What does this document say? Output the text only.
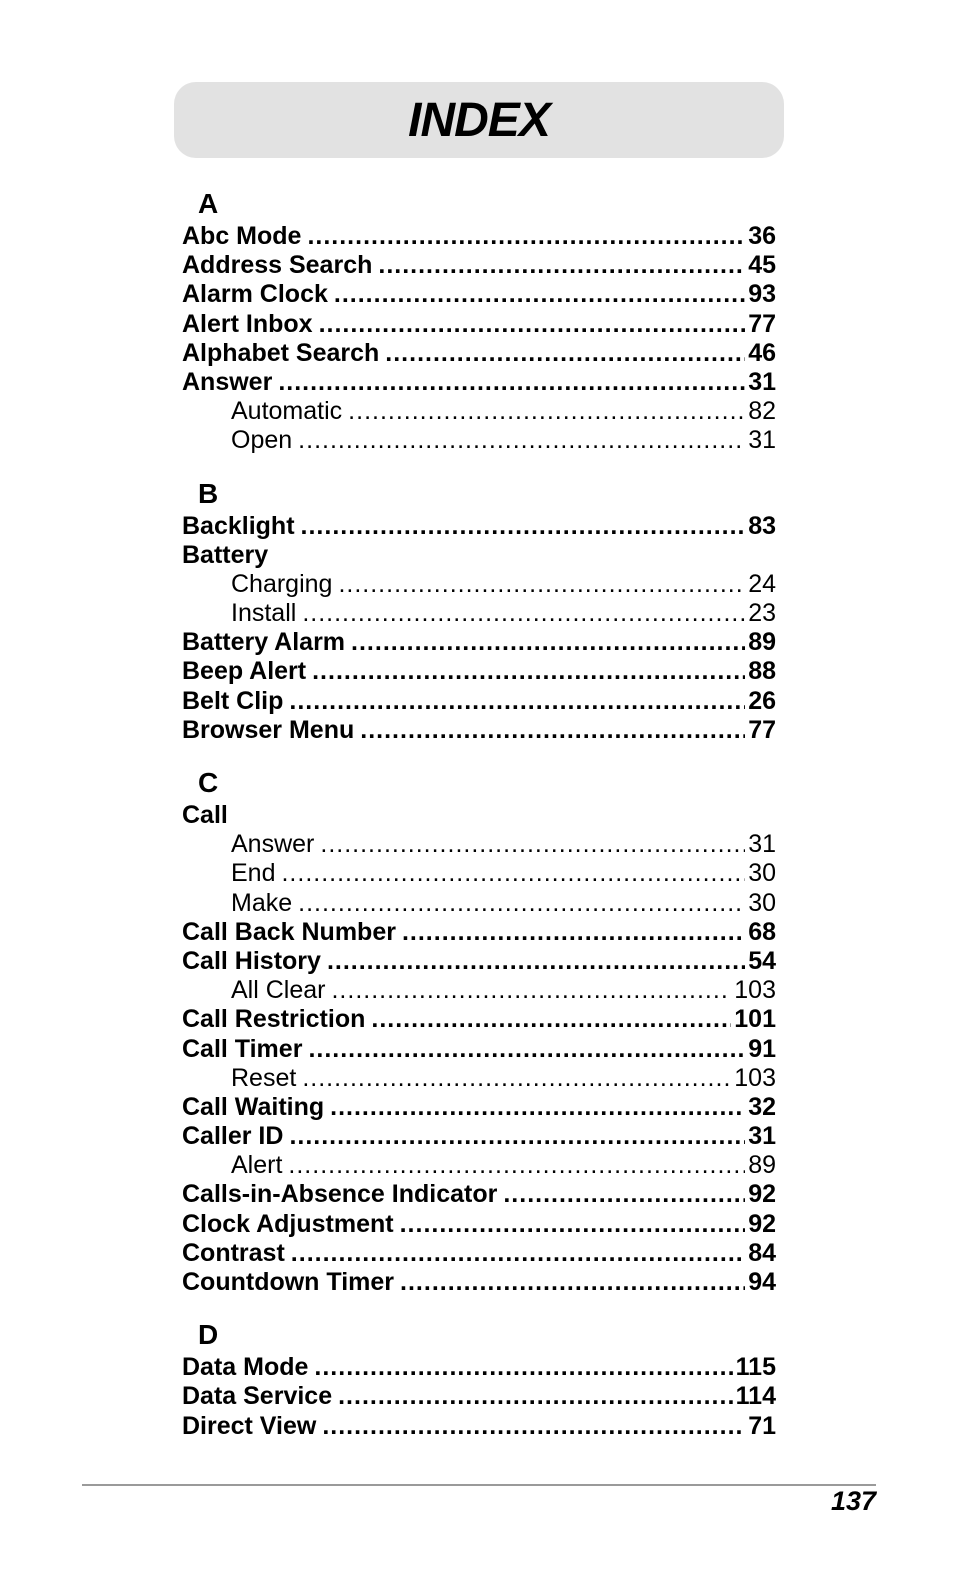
INDEX
A
Abc Mode .....	36
Address Search .....	45
Alarm Clock .....	93
Alert Inbox .....	77
Alphabet Search .....	46
Answer .....	31
Automatic .....	82
Open .....	31
B
Backlight .....	83
Battery
Charging .....	24
Install .....	23
Battery Alarm .....	89
Beep Alert .....	88
Belt Clip .....	26
Browser Menu .....	77
C
Call
Answer .....	31
End .....	30
Make .....	30
Call Back Number .....	68
Call History .....	54
All Clear .....	103
Call Restriction .....	101
Call Timer .....	91
Reset .....	103
Call Waiting .....	32
Caller ID .....	31
Alert .....	89
Calls-in-Absence Indicator .....	92
Clock Adjustment .....	92
Contrast .....	84
Countdown Timer .....	94
D
Data Mode .....	115
Data Service .....	114
Direct View .....	71
137
